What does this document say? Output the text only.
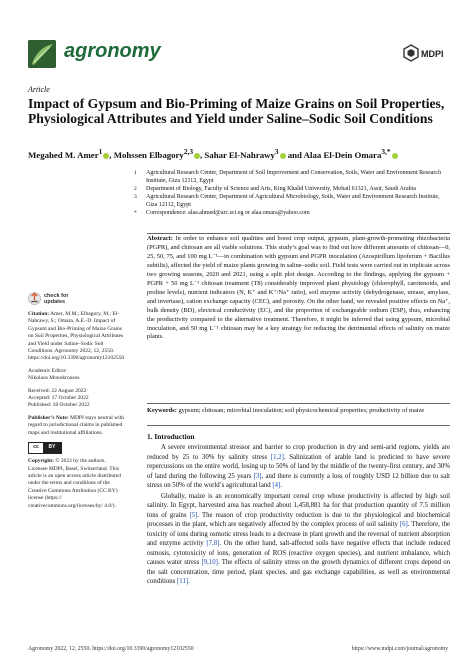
agronomy	MDPI
Article
Impact of Gypsum and Bio-Priming of Maize Grains on Soil Properties, Physiological Attributes and Yield under Saline–Sodic Soil Conditions
Megahed M. Amer$^1$ , Mohssen Elbagory$^{2,3}$ , Sahar El-Nahrawy$^3$ and Alaa El-Dein Omara$^{3,*}$
1 Agricultural Research Center, Department of Soil Improvement and Conservation, Soils, Water and Environment Research Institute, Giza 12112, Egypt
2 Department of Biology, Faculty of Science and Arts, King Khalid University, Mohail 61321, Assir, Saudi Arabia
3 Agricultural Research Center, Department of Agricultural Microbiology, Soils, Water and Environment Research Institute, Giza 12112, Egypt
* Correspondence: alaa.ahmed@arc.sci.eg or alaa.omara@yahoo.com
Abstract: In order to enhance soil qualities and boost crop output, gypsum, plant-growth-promoting rhizobacteria (PGPR), and chitosan are all viable solutions. This study’s goal was to find out how different amounts of chitosan—0, 25, 50, 75, and 100 mg L⁻¹—in combination with gypsum and PGPR inoculation (Azospirillum lipoferum + Bacillus subtilis), affected the yield of maize plants growing in saline–sodic soil. Field tests were carried out in triplicate across two growing seasons, 2020 and 2021, using a split plot design. According to the findings, applying the gypsum + PGPR + 50 mg L⁻¹ chitosan treatment (T8) considerably improved plant physiology (chlorophyll, carotenoids, and proline levels), nutrient indicators (N, K⁺ and K⁺/Na⁺ ratio), soil enzyme activity (dehydrogenase, urease, amylase, and invertase), cation exchange capacity (CEC), and porosity. On the other hand, we revealed positive effects on Na⁺, bulk density (BD), electrical conductivity (EC), and the proportion of exchangeable sodium (ESP), thus, enhancing the productivity compared to the alternative treatment. Therefore, it might be inferred that using gypsum, microbial inoculation, and 50 mg L⁻¹ chitosan may be a key strategy for reducing the detrimental effects of salinity on maize plants.
Keywords: gypsum; chitosan; microbial inoculation; soil physicochemical properties; productivity of maize
check for
updates
Citation: Amer, M.M.; Elbagory, M.; El-Nahrawy, S.; Omara, A.E.-D. Impact of Gypsum and Bio-Priming of Maize Grains on Soil Properties, Physiological Attributes and Yield under Saline–Sodic Soil Conditions. Agronomy 2022, 12, 2550. https://doi.org/10.3390/agronomy12102550
Academic Editor:
Nikolaos Monokrousos
Received: 22 August 2022
Accepted: 17 October 2022
Published: 18 October 2022
Publisher’s Note: MDPI stays neutral with regard to jurisdictional claims in published maps and institutional affiliations.
cc	BY
Copyright: © 2022 by the authors. Licensee MDPI, Basel, Switzerland. This article is an open access article distributed under the terms and conditions of the Creative Commons Attribution (CC BY) license (https:// creativecommons.org/licenses/by/ 4.0/).
1. Introduction

A severe environmental stressor and barrier to crop production in dry and semi-arid regions, yields are reduced by 25 to 30% by salinity stress [1,2]. Salinization of arable land is predicted to have severe repercussions on the entire world, losing up to 50% of land by the middle of the twenty-first century, and 30% of land during the following 25 years [3], and there is currently a loss of roughly USD 12 billion due to salt stress on 50% of the world’s agricultural land [4].

Globally, maize is an economically important cereal crop whose productivity is affected by high soil salinity. In Egypt, harvested area has reached about 1,458,881 ha for that production quantity of 7.5 million tons of grains [5]. The reason of crop productivity reduction is due to the physiological and biochemical processes in the plant, which are negatively affected by the complex process of soil salinity [6]. Therefore, the toxicity of ions during osmotic stress leads to a decrease in plant growth and the reversal of nutrient absorption and enzyme activity [7,8]. On the other hand, salt-affected soils have negative effects that include reduced osmosis, cytotoxicity of ions, generation of ROS (reactive oxygen species), and nutrient imbalance, which causes water stress [9,10]. The effects of salinity stress on the growth dynamics of different crops depend on the salt concentration, time period, plant species, and gas exchange capabilities, as well as environmental conditions [11].

Agronomy 2022, 12, 2550. https://doi.org/10.3390/agronomy12102550	https://www.mdpi.com/journal/agronomy
